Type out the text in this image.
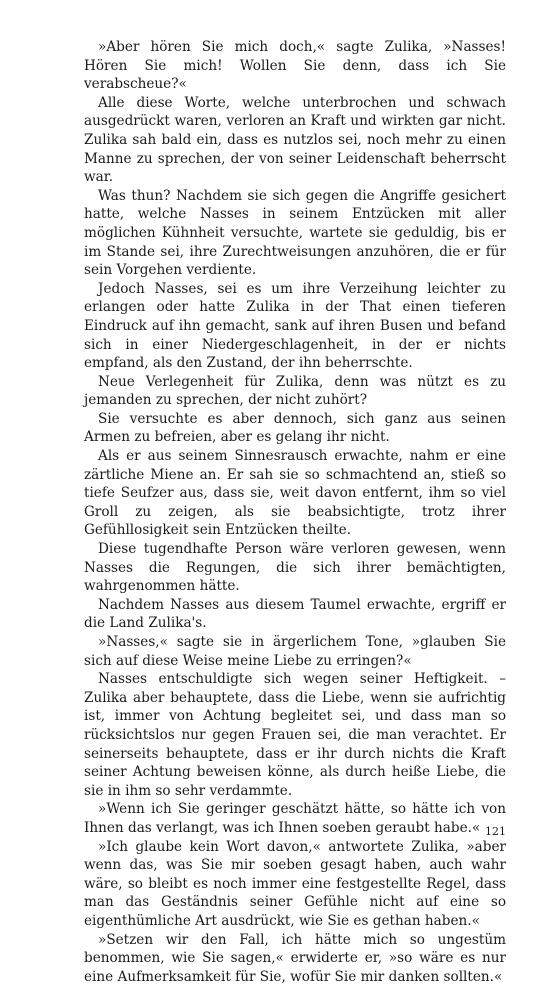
»Aber hören Sie mich doch,« sagte Zulika, »Nasses! Hören Sie mich! Wollen Sie denn, dass ich Sie verabscheue?«

Alle diese Worte, welche unterbrochen und schwach ausgedrückt waren, verloren an Kraft und wirkten gar nicht. Zulika sah bald ein, dass es nutzlos sei, noch mehr zu einen Manne zu sprechen, der von seiner Leidenschaft beherrscht war.

Was thun? Nachdem sie sich gegen die Angriffe gesichert hatte, welche Nasses in seinem Entzücken mit aller möglichen Kühnheit versuchte, wartete sie geduldig, bis er im Stande sei, ihre Zurechtweisungen anzuhören, die er für sein Vorgehen verdiente.

Jedoch Nasses, sei es um ihre Verzeihung leichter zu erlangen oder hatte Zulika in der That einen tieferen Eindruck auf ihn gemacht, sank auf ihren Busen und befand sich in einer Niedergeschlagenheit, in der er nichts empfand, als den Zustand, der ihn beherrschte.

Neue Verlegenheit für Zulika, denn was nützt es zu jemanden zu sprechen, der nicht zuhört?

Sie versuchte es aber dennoch, sich ganz aus seinen Armen zu befreien, aber es gelang ihr nicht.

Als er aus seinem Sinnesrausch erwachte, nahm er eine zärtliche Miene an. Er sah sie so schmachtend an, stieß so tiefe Seufzer aus, dass sie, weit davon entfernt, ihm so viel Groll zu zeigen, als sie beabsichtigte, trotz ihrer Gefühllosigkeit sein Entzücken theilte.

Diese tugendhafte Person wäre verloren gewesen, wenn Nasses die Regungen, die sich ihrer bemächtigten, wahrgenommen hätte.

Nachdem Nasses aus diesem Taumel erwachte, ergriff er die Land Zulika's.

»Nasses,« sagte sie in ärgerlichem Tone, »glauben Sie sich auf diese Weise meine Liebe zu erringen?«

Nasses entschuldigte sich wegen seiner Heftigkeit. – Zulika aber behauptete, dass die Liebe, wenn sie aufrichtig ist, immer von Achtung begleitet sei, und dass man so rücksichtslos nur gegen Frauen sei, die man verachtet. Er seinerseits behauptete, dass er ihr durch nichts die Kraft seiner Achtung beweisen könne, als durch heiße Liebe, die sie in ihm so sehr verdammte.

»Wenn ich Sie geringer geschätzt hätte, so hätte ich von Ihnen das verlangt, was ich Ihnen soeben geraubt habe.«

»Ich glaube kein Wort davon,« antwortete Zulika, »aber wenn das, was Sie mir soeben gesagt haben, auch wahr wäre, so bleibt es noch immer eine festgestellte Regel, dass man das Geständnis seiner Gefühle nicht auf eine so eigenthümliche Art ausdrückt, wie Sie es gethan haben.«

»Setzen wir den Fall, ich hätte mich so ungestüm benommen, wie Sie sagen,« erwiderte er, »so wäre es nur eine Aufmerksamkeit für Sie, wofür Sie mir danken sollten.«

121
